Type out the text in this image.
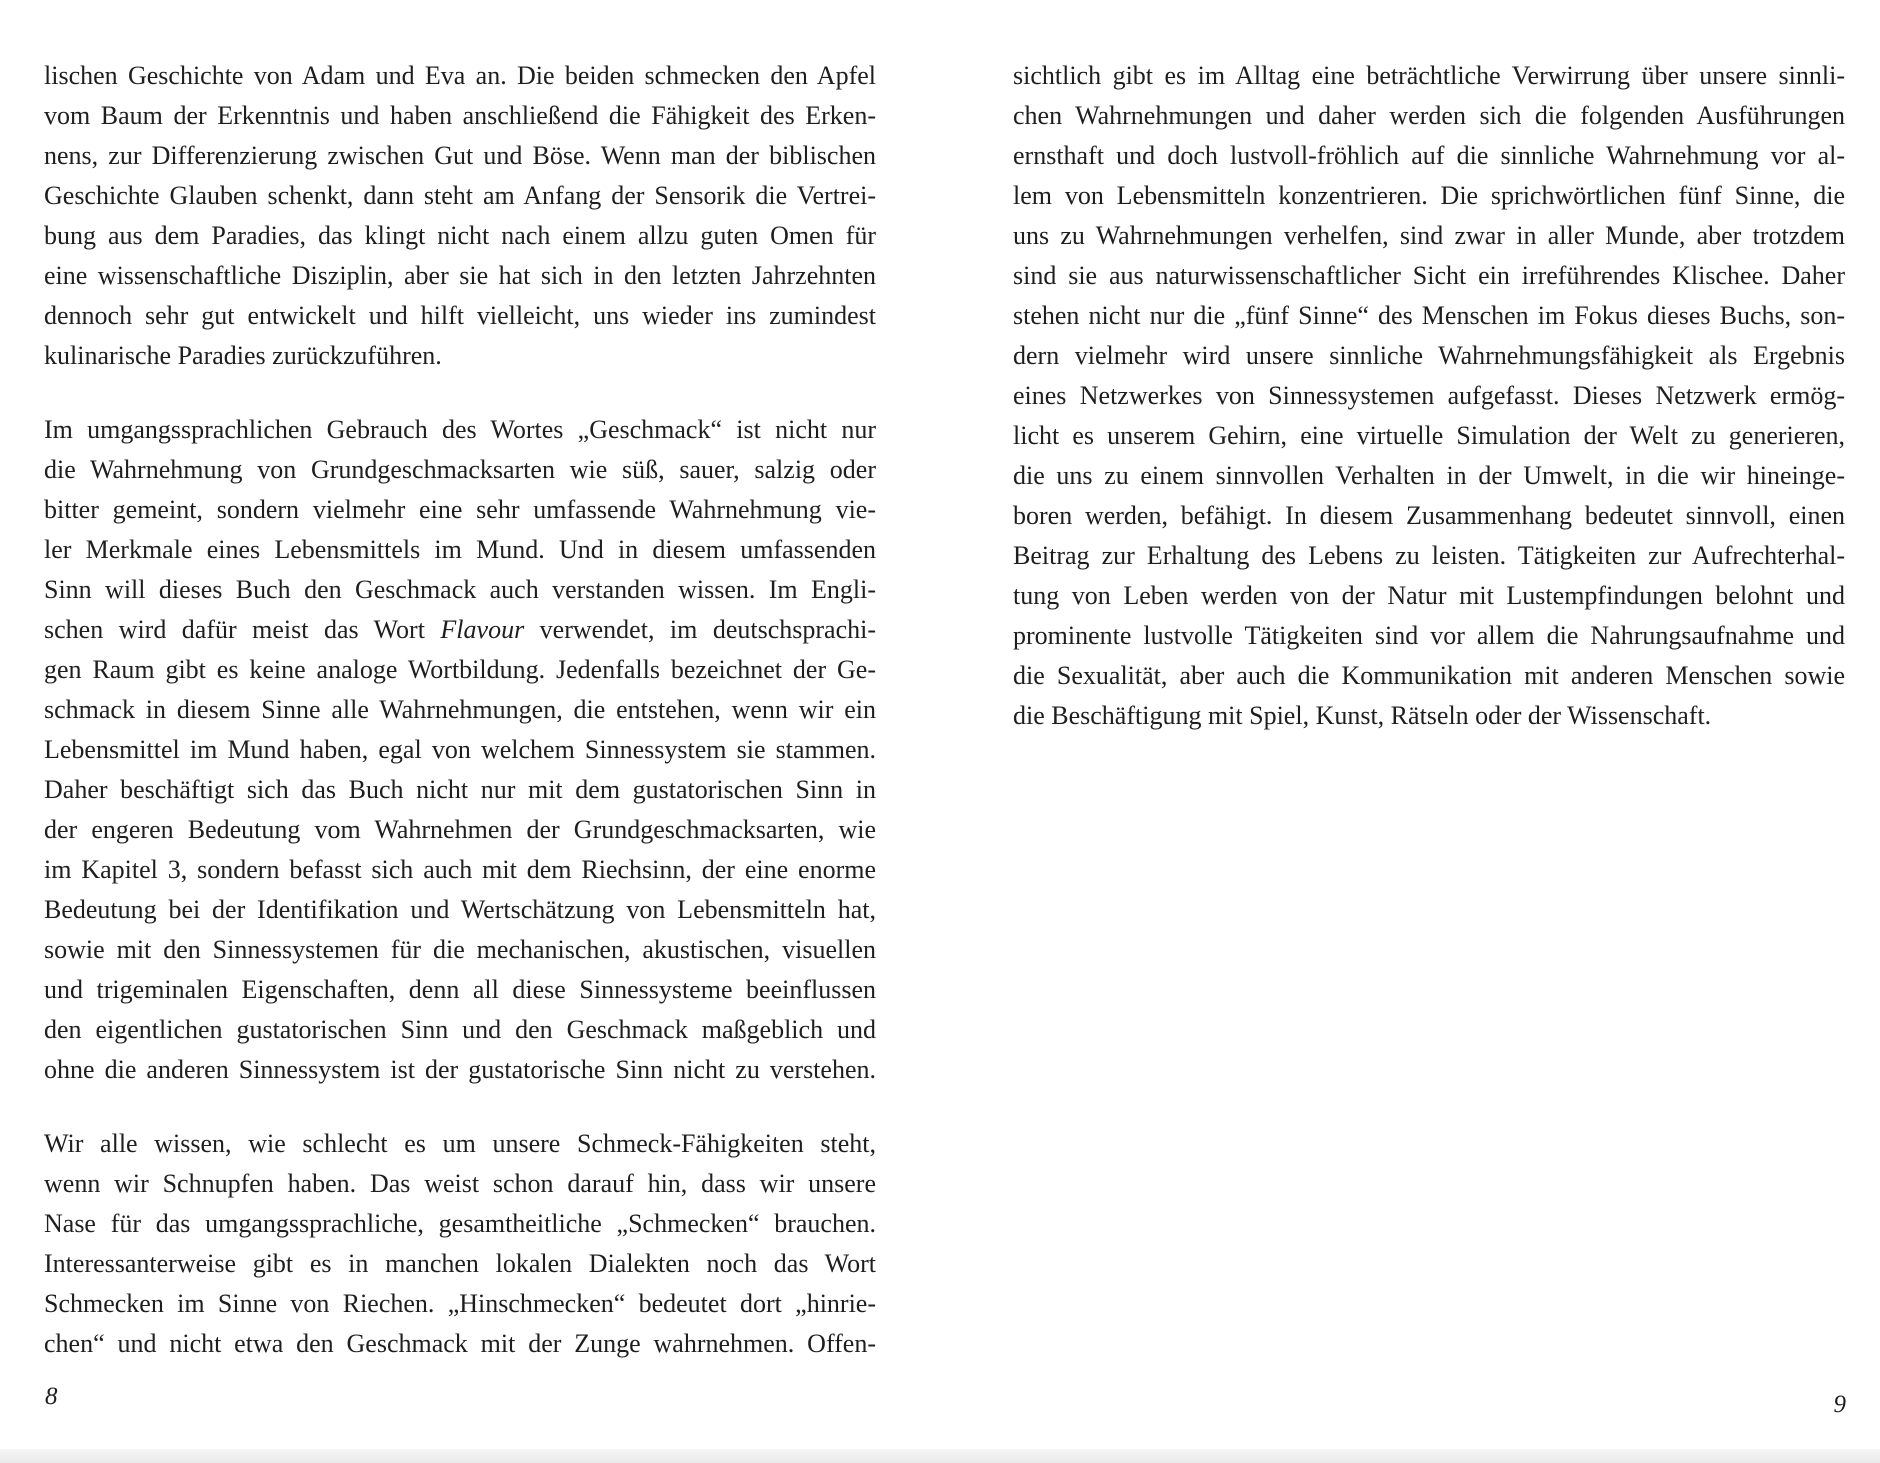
lischen Geschichte von Adam und Eva an. Die beiden schmecken den Apfel
vom Baum der Erkenntnis und haben anschließend die Fähigkeit des Erken-
nens, zur Differenzierung zwischen Gut und Böse. Wenn man der biblischen
Geschichte Glauben schenkt, dann steht am Anfang der Sensorik die Vertrei-
bung aus dem Paradies, das klingt nicht nach einem allzu guten Omen für
eine wissenschaftliche Disziplin, aber sie hat sich in den letzten Jahrzehnten
dennoch sehr gut entwickelt und hilft vielleicht, uns wieder ins zumindest
kulinarische Paradies zurückzuführen.
Im umgangssprachlichen Gebrauch des Wortes „Geschmack“ ist nicht nur
die Wahrnehmung von Grundgeschmacksarten wie süß, sauer, salzig oder
bitter gemeint, sondern vielmehr eine sehr umfassende Wahrnehmung vie-
ler Merkmale eines Lebensmittels im Mund. Und in diesem umfassenden
Sinn will dieses Buch den Geschmack auch verstanden wissen. Im Engli-
schen wird dafür meist das Wort Flavour verwendet, im deutschsprachi-
gen Raum gibt es keine analoge Wortbildung. Jedenfalls bezeichnet der Ge-
schmack in diesem Sinne alle Wahrnehmungen, die entstehen, wenn wir ein
Lebensmittel im Mund haben, egal von welchem Sinnessystem sie stammen.
Daher beschäftigt sich das Buch nicht nur mit dem gustatorischen Sinn in
der engeren Bedeutung vom Wahrnehmen der Grundgeschmacksarten, wie
im Kapitel 3, sondern befasst sich auch mit dem Riechsinn, der eine enorme
Bedeutung bei der Identifikation und Wertschätzung von Lebensmitteln hat,
sowie mit den Sinnessystemen für die mechanischen, akustischen, visuellen
und trigeminalen Eigenschaften, denn all diese Sinnessysteme beeinflussen
den eigentlichen gustatorischen Sinn und den Geschmack maßgeblich und
ohne die anderen Sinnessystem ist der gustatorische Sinn nicht zu verstehen.
Wir alle wissen, wie schlecht es um unsere Schmeck-Fähigkeiten steht,
wenn wir Schnupfen haben. Das weist schon darauf hin, dass wir unsere
Nase für das umgangssprachliche, gesamtheitliche „Schmecken“ brauchen.
Interessanterweise gibt es in manchen lokalen Dialekten noch das Wort
Schmecken im Sinne von Riechen. „Hinschmecken“ bedeutet dort „hinrie-
chen“ und nicht etwa den Geschmack mit der Zunge wahrnehmen. Offen-
sichtlich gibt es im Alltag eine beträchtliche Verwirrung über unsere sinnli-
chen Wahrnehmungen und daher werden sich die folgenden Ausführungen
ernsthaft und doch lustvoll-fröhlich auf die sinnliche Wahrnehmung vor al-
lem von Lebensmitteln konzentrieren. Die sprichwörtlichen fünf Sinne, die
uns zu Wahrnehmungen verhelfen, sind zwar in aller Munde, aber trotzdem
sind sie aus naturwissenschaftlicher Sicht ein irreführendes Klischee. Daher
stehen nicht nur die „fünf Sinne“ des Menschen im Fokus dieses Buchs, son-
dern vielmehr wird unsere sinnliche Wahrnehmungsfähigkeit als Ergebnis
eines Netzwerkes von Sinnessystemen aufgefasst. Dieses Netzwerk ermög-
licht es unserem Gehirn, eine virtuelle Simulation der Welt zu generieren,
die uns zu einem sinnvollen Verhalten in der Umwelt, in die wir hineinge-
boren werden, befähigt. In diesem Zusammenhang bedeutet sinnvoll, einen
Beitrag zur Erhaltung des Lebens zu leisten. Tätigkeiten zur Aufrechterhal-
tung von Leben werden von der Natur mit Lustempfindungen belohnt und
prominente lustvolle Tätigkeiten sind vor allem die Nahrungsaufnahme und
die Sexualität, aber auch die Kommunikation mit anderen Menschen sowie
die Beschäftigung mit Spiel, Kunst, Rätseln oder der Wissenschaft.
8	9
